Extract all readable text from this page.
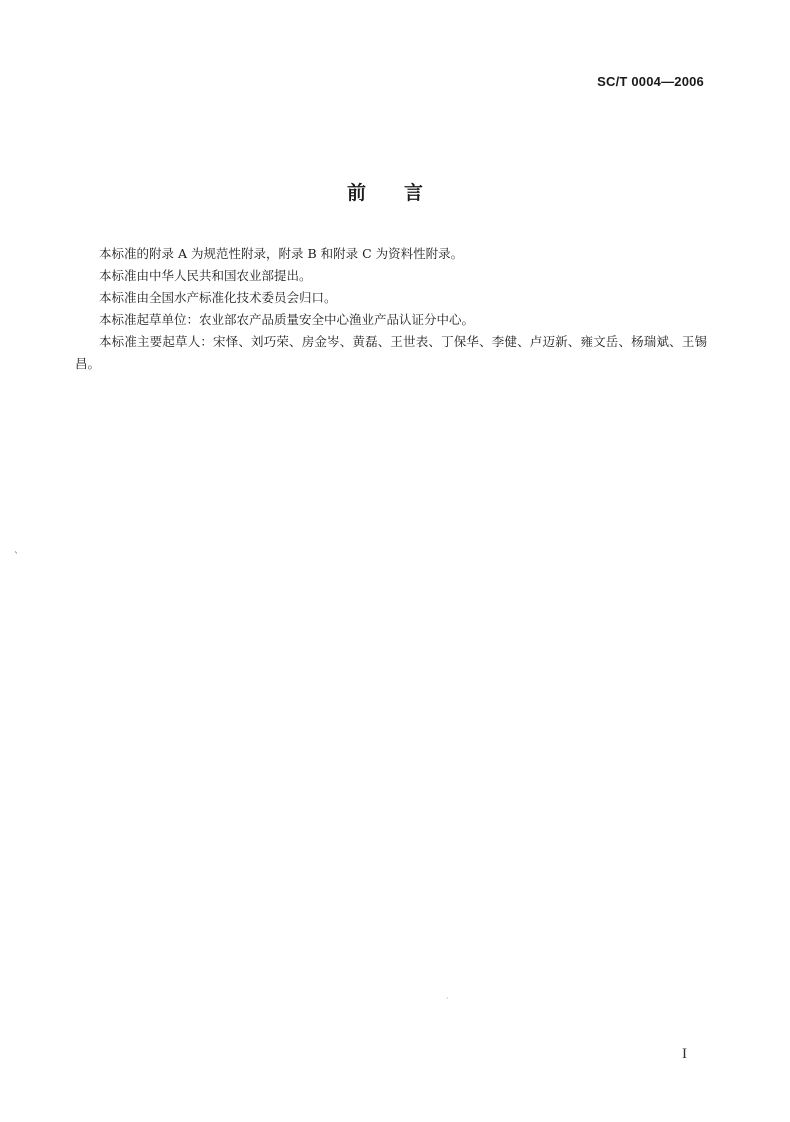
SC/T 0004—2006
前言

本标准的附录 A 为规范性附录，附录 B 和附录 C 为资料性附录。

本标准由中华人民共和国农业部提出。

本标准由全国水产标准化技术委员会归口。

本标准起草单位：农业部农产品质量安全中心渔业产品认证分中心。

本标准主要起草人：宋怿、刘巧荣、房金岑、黄磊、王世表、丁保华、李健、卢迈新、雍文岳、杨瑞斌、王锡昌。

`
·
I
